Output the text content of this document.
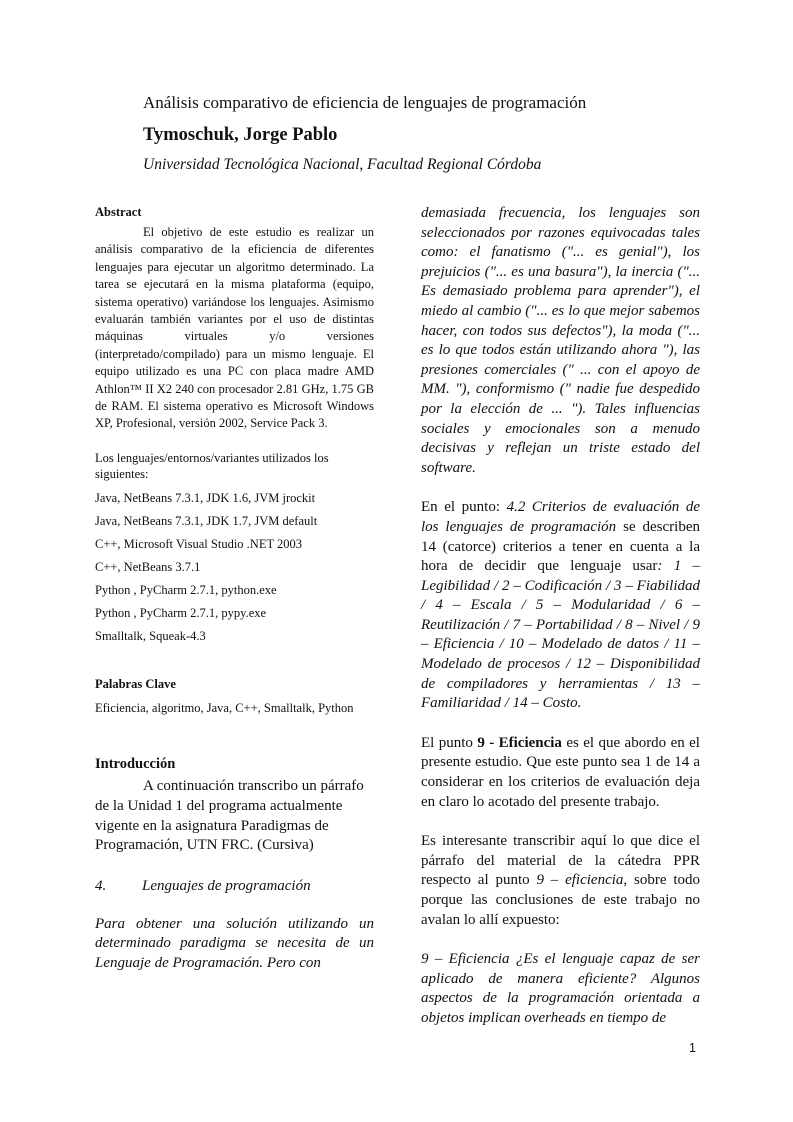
Análisis comparativo de eficiencia de lenguajes de programación

Tymoschuk, Jorge Pablo

Universidad Tecnológica Nacional, Facultad Regional Córdoba

Abstract

El objetivo de este estudio es realizar un análisis comparativo de la eficiencia de diferentes lenguajes para ejecutar un algoritmo determinado. La tarea se ejecutará en la misma plataforma (equipo, sistema operativo) variándose los lenguajes. Asimismo evaluarán también variantes por el uso de distintas máquinas virtuales y/o versiones (interpretado/compilado) para un mismo lenguaje. El equipo utilizado es una PC con placa madre AMD Athlon™ II X2 240 con procesador 2.81 GHz, 1.75 GB de RAM. El sistema operativo es Microsoft Windows XP, Profesional, versión 2002, Service Pack 3.

Los lenguajes/entornos/variantes utilizados los siguientes:

Java, NetBeans 7.3.1, JDK 1.6, JVM jrockit
Java, NetBeans 7.3.1, JDK 1.7, JVM default
C++, Microsoft Visual Studio .NET 2003
C++, NetBeans 3.7.1
Python , PyCharm 2.7.1, python.exe
Python , PyCharm 2.7.1, pypy.exe
Smalltalk, Squeak-4.3

Palabras Clave

Eficiencia, algoritmo, Java, C++, Smalltalk, Python

Introducción

A continuación transcribo un párrafo de la Unidad 1 del programa actualmente vigente en la asignatura Paradigmas de Programación, UTN FRC. (Cursiva)

4. Lenguajes de programación

Para obtener una solución utilizando un determinado paradigma se necesita de un Lenguaje de Programación. Pero con

demasiada frecuencia, los lenguajes son seleccionados por razones equivocadas tales como: el fanatismo ("... es genial"), los prejuicios ("... es una basura"), la inercia ("... Es demasiado problema para aprender"), el miedo al cambio ("... es lo que mejor sabemos hacer, con todos sus defectos"), la moda ("... es lo que todos están utilizando ahora "), las presiones comerciales (" ... con el apoyo de MM. "), conformismo (" nadie fue despedido por la elección de ... "). Tales influencias sociales y emocionales son a menudo decisivas y reflejan un triste estado del software.

En el punto: 4.2 Criterios de evaluación de los lenguajes de programación se describen 14 (catorce) criterios a tener en cuenta a la hora de decidir que lenguaje usar: 1 – Legibilidad / 2 – Codificación / 3 – Fiabilidad / 4 – Escala / 5 – Modularidad / 6 – Reutilización / 7 – Portabilidad / 8 – Nivel / 9 – Eficiencia / 10 – Modelado de datos / 11 – Modelado de procesos / 12 – Disponibilidad de compiladores y herramientas / 13 – Familiaridad / 14 – Costo.

El punto 9 - Eficiencia es el que abordo en el presente estudio. Que este punto sea 1 de 14 a considerar en los criterios de evaluación deja en claro lo acotado del presente trabajo.

Es interesante transcribir aquí lo que dice el párrafo del material de la cátedra PPR respecto al punto 9 – eficiencia, sobre todo porque las conclusiones de este trabajo no avalan lo allí expuesto:

9 – Eficiencia ¿Es el lenguaje capaz de ser aplicado de manera eficiente? Algunos aspectos de la programación orientada a objetos implican overheads en tiempo de

1
